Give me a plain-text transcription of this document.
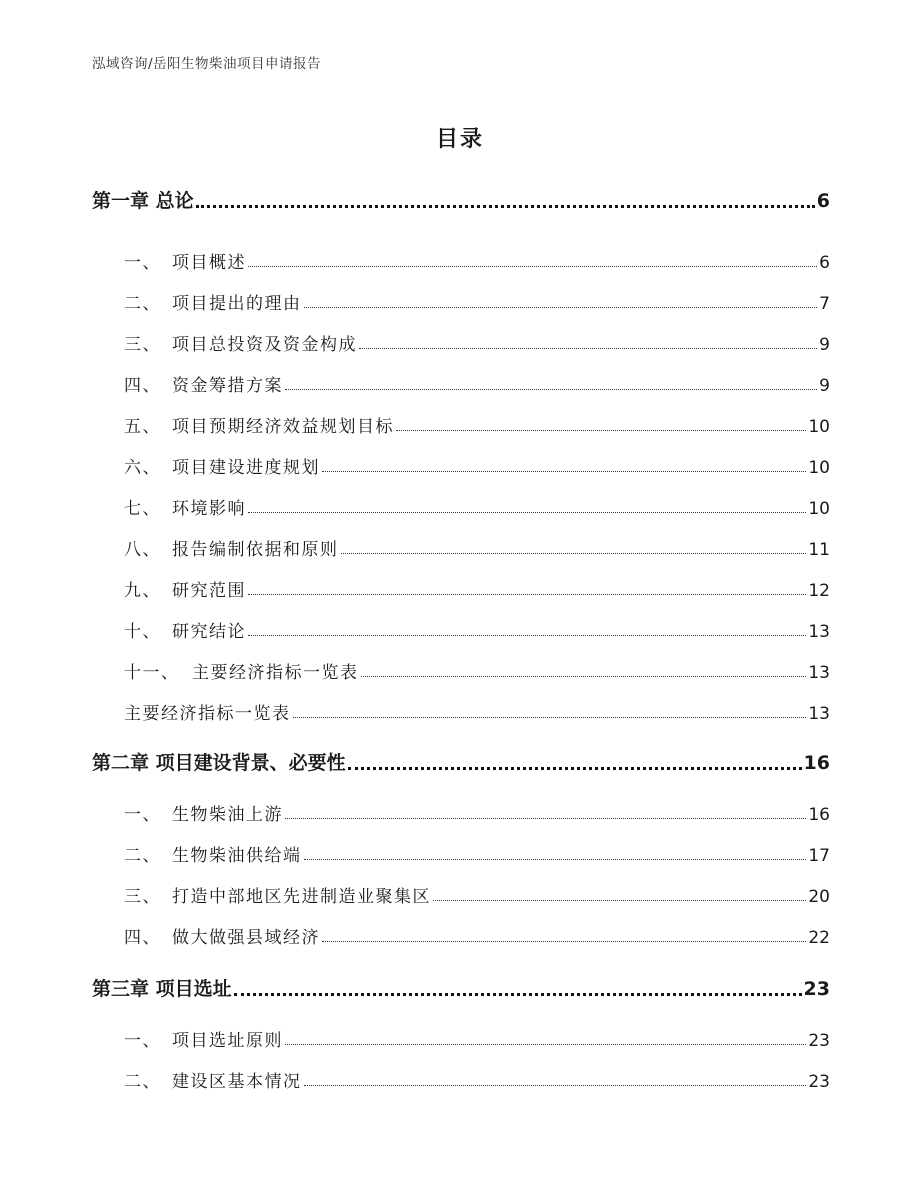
泓域咨询/岳阳生物柴油项目申请报告
目录
第一章 总论	6
一、 项目概述	6
二、 项目提出的理由	7
三、 项目总投资及资金构成	9
四、 资金筹措方案	9
五、 项目预期经济效益规划目标	10
六、 项目建设进度规划	10
七、 环境影响	10
八、 报告编制依据和原则	11
九、 研究范围	12
十、 研究结论	13
十一、 主要经济指标一览表	13
主要经济指标一览表	13
第二章 项目建设背景、必要性	16
一、 生物柴油上游	16
二、 生物柴油供给端	17
三、 打造中部地区先进制造业聚集区	20
四、 做大做强县域经济	22
第三章 项目选址	23
一、 项目选址原则	23
二、 建设区基本情况	23
